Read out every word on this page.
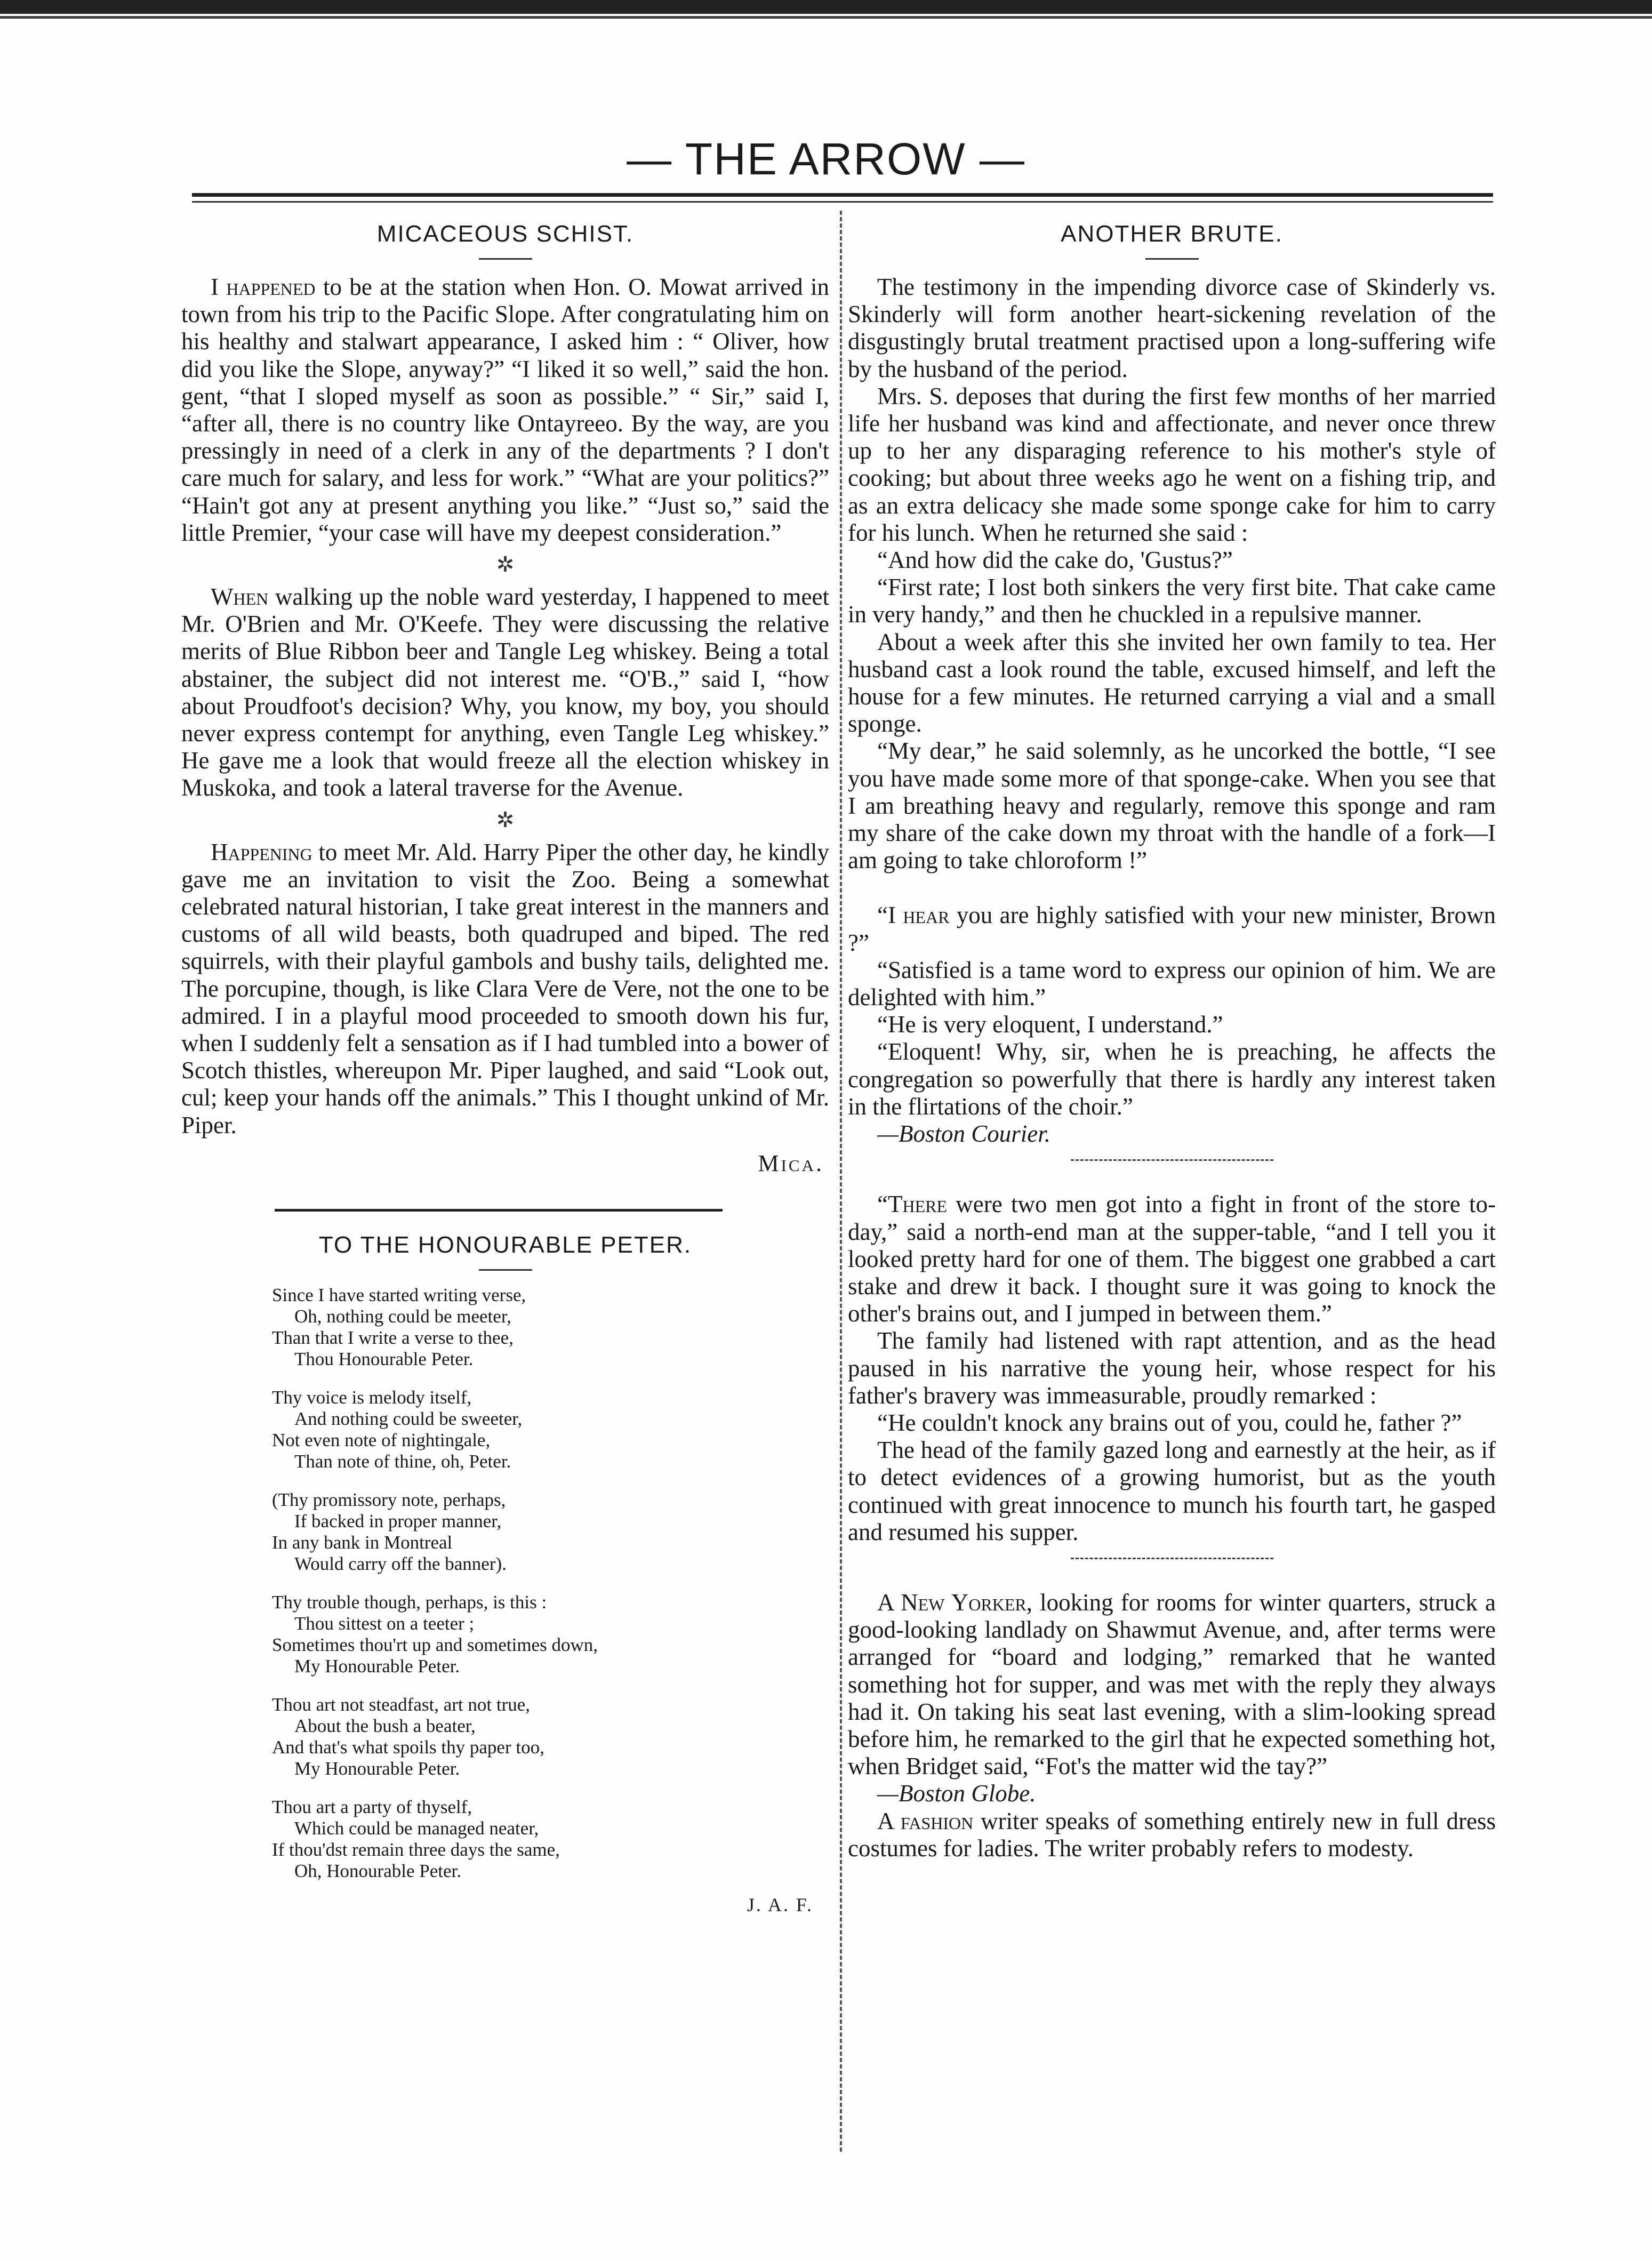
— THE ARROW —
MICACEOUS SCHIST.

I happened to be at the station when Hon. O. Mowat arrived in town from his trip to the Pacific Slope. After congratulating him on his healthy and stalwart appearance, I asked him : “ Oliver, how did you like the Slope, anyway?” “I liked it so well,” said the hon. gent, “that I sloped myself as soon as possible.” “ Sir,” said I, “after all, there is no country like Ontayreeo. By the way, are you pressingly in need of a clerk in any of the departments ? I don't care much for salary, and less for work.” “What are your politics?” “Hain't got any at present anything you like.” “Just so,” said the little Premier, “your case will have my deepest consideration.”

✲

When walking up the noble ward yesterday, I happened to meet Mr. O'Brien and Mr. O'Keefe. They were discussing the relative merits of Blue Ribbon beer and Tangle Leg whiskey. Being a total abstainer, the subject did not interest me. “O'B.,” said I, “how about Proudfoot's decision? Why, you know, my boy, you should never express contempt for anything, even Tangle Leg whiskey.” He gave me a look that would freeze all the election whiskey in Muskoka, and took a lateral traverse for the Avenue.

✲

Happening to meet Mr. Ald. Harry Piper the other day, he kindly gave me an invitation to visit the Zoo. Being a somewhat celebrated natural historian, I take great interest in the manners and customs of all wild beasts, both quadruped and biped. The red squirrels, with their playful gambols and bushy tails, delighted me. The porcupine, though, is like Clara Vere de Vere, not the one to be admired. I in a playful mood proceeded to smooth down his fur, when I suddenly felt a sensation as if I had tumbled into a bower of Scotch thistles, whereupon Mr. Piper laughed, and said “Look out, cul; keep your hands off the animals.” This I thought unkind of Mr. Piper.

Mica.
TO THE HONOURABLE PETER.
Since I have started writing verse,
Oh, nothing could be meeter,
Than that I write a verse to thee,
Thou Honourable Peter.
Thy voice is melody itself,
And nothing could be sweeter,
Not even note of nightingale,
Than note of thine, oh, Peter.
(Thy promissory note, perhaps,
If backed in proper manner,
In any bank in Montreal
Would carry off the banner).
Thy trouble though, perhaps, is this :
Thou sittest on a teeter ;
Sometimes thou'rt up and sometimes down,
My Honourable Peter.
Thou art not steadfast, art not true,
About the bush a beater,
And that's what spoils thy paper too,
My Honourable Peter.
Thou art a party of thyself,
Which could be managed neater,
If thou'dst remain three days the same,
Oh, Honourable Peter.
J. A. F.
ANOTHER BRUTE.

The testimony in the impending divorce case of Skinderly vs. Skinderly will form another heart-sickening revelation of the disgustingly brutal treatment practised upon a long-suffering wife by the husband of the period.

Mrs. S. deposes that during the first few months of her married life her husband was kind and affectionate, and never once threw up to her any disparaging reference to his mother's style of cooking; but about three weeks ago he went on a fishing trip, and as an extra delicacy she made some sponge cake for him to carry for his lunch. When he returned she said :

“And how did the cake do, 'Gustus?”

“First rate; I lost both sinkers the very first bite. That cake came in very handy,” and then he chuckled in a repulsive manner.

About a week after this she invited her own family to tea. Her husband cast a look round the table, excused himself, and left the house for a few minutes. He returned carrying a vial and a small sponge.

“My dear,” he said solemnly, as he uncorked the bottle, “I see you have made some more of that sponge-cake. When you see that I am breathing heavy and regularly, remove this sponge and ram my share of the cake down my throat with the handle of a fork—I am going to take chloroform !”

“I hear you are highly satisfied with your new minister, Brown ?”

“Satisfied is a tame word to express our opinion of him. We are delighted with him.”

“He is very eloquent, I understand.”

“Eloquent! Why, sir, when he is preaching, he affects the congregation so powerfully that there is hardly any interest taken in the flirtations of the choir.”

—Boston Courier.

“There were two men got into a fight in front of the store to-day,” said a north-end man at the supper-table, “and I tell you it looked pretty hard for one of them. The biggest one grabbed a cart stake and drew it back. I thought sure it was going to knock the other's brains out, and I jumped in between them.”

The family had listened with rapt attention, and as the head paused in his narrative the young heir, whose respect for his father's bravery was immeasurable, proudly remarked :

“He couldn't knock any brains out of you, could he, father ?”

The head of the family gazed long and earnestly at the heir, as if to detect evidences of a growing humorist, but as the youth continued with great innocence to munch his fourth tart, he gasped and resumed his supper.

A New Yorker, looking for rooms for winter quarters, struck a good-looking landlady on Shawmut Avenue, and, after terms were arranged for “board and lodging,” remarked that he wanted something hot for supper, and was met with the reply they always had it. On taking his seat last evening, with a slim-looking spread before him, he remarked to the girl that he expected something hot, when Bridget said, “Fot's the matter wid the tay?”

—Boston Globe.

A fashion writer speaks of something entirely new in full dress costumes for ladies. The writer probably refers to modesty.
